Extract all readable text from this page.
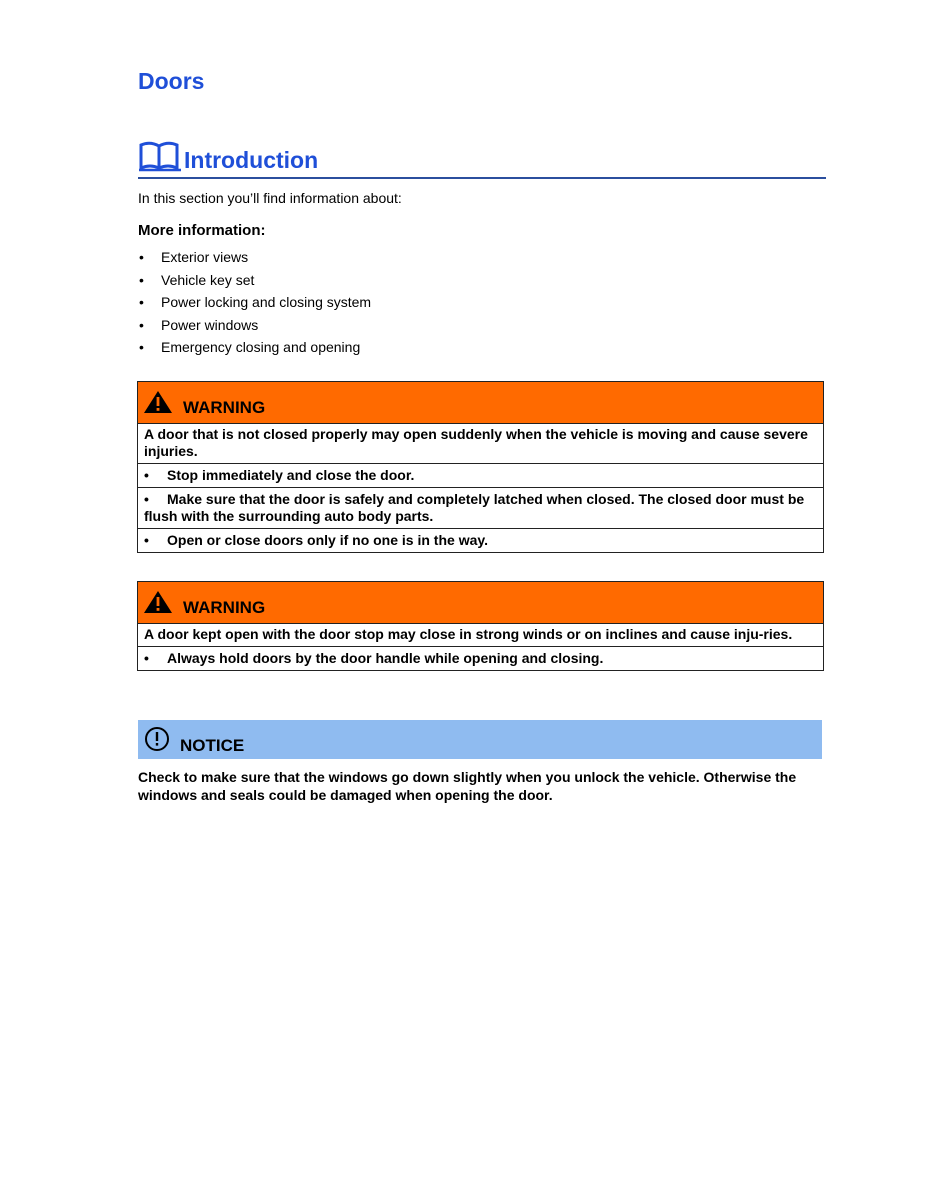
Doors
Introduction
In this section you’ll find information about:
More information:
• Exterior views
• Vehicle key set
• Power locking and closing system
• Power windows
• Emergency closing and opening
WARNING
A door that is not closed properly may open suddenly when the vehicle is moving and cause severe injuries.
• Stop immediately and close the door.
• Make sure that the door is safely and completely latched when closed. The closed door must be flush with the surrounding auto body parts.
• Open or close doors only if no one is in the way.
WARNING
A door kept open with the door stop may close in strong winds or on inclines and cause inju-ries.
• Always hold doors by the door handle while opening and closing.
NOTICE
Check to make sure that the windows go down slightly when you unlock the vehicle. Otherwise the windows and seals could be damaged when opening the door.
